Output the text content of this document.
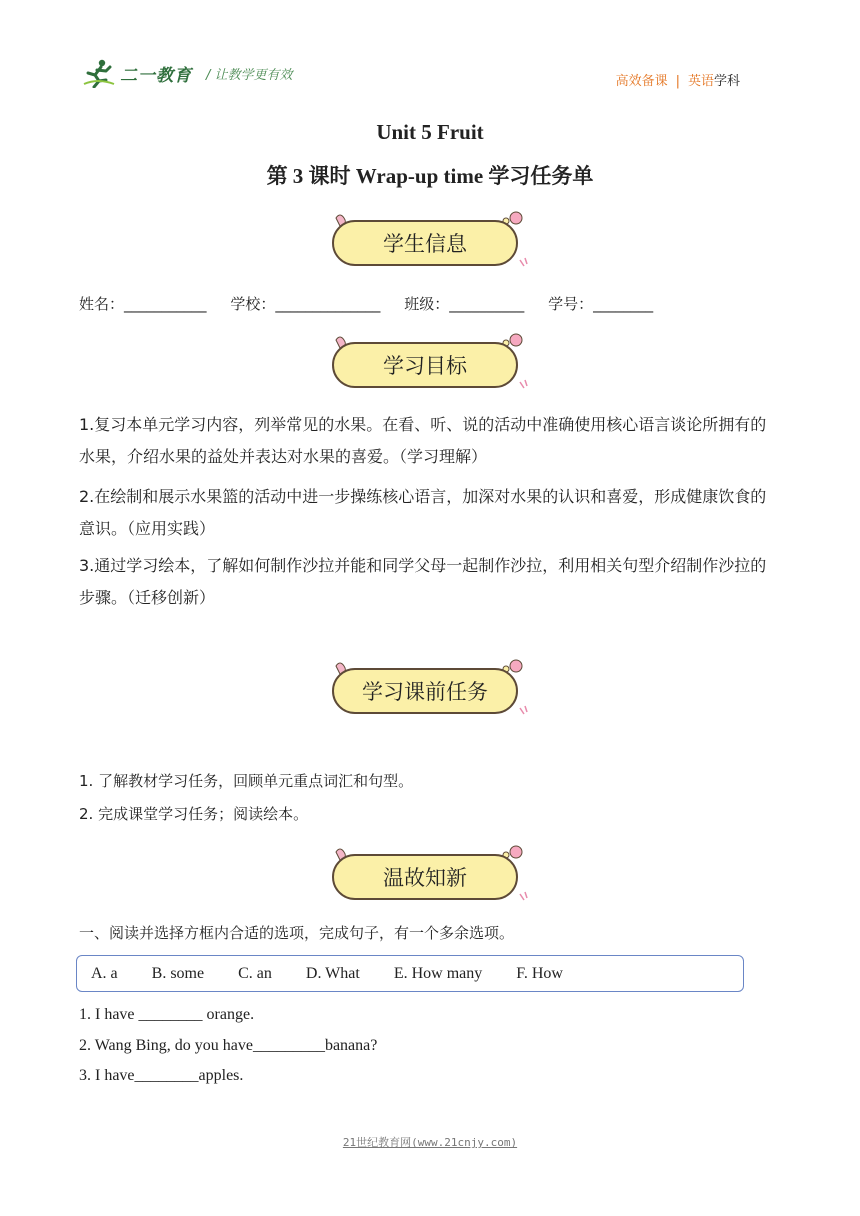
二一教育 / 让教学更有效	高效备课 | 英语学科
Unit 5 Fruit
第 3 课时 Wrap-up time 学习任务单
学生信息
姓名：___________ 学校：______________ 班级：__________ 学号：________
学习目标
1.复习本单元学习内容，列举常见的水果。在看、听、说的活动中准确使用核心语言谈论所拥有的水果，介绍水果的益处并表达对水果的喜爱。（学习理解）
2.在绘制和展示水果篮的活动中进一步操练核心语言，加深对水果的认识和喜爱，形成健康饮食的意识。（应用实践）
3.通过学习绘本，了解如何制作沙拉并能和同学父母一起制作沙拉，利用相关句型介绍制作沙拉的步骤。（迁移创新）
学习课前任务
1. 了解教材学习任务，回顾单元重点词汇和句型。
2. 完成课堂学习任务；阅读绘本。
温故知新
一、阅读并选择方框内合适的选项，完成句子，有一个多余选项。
A. a B. some C. an D. What E. How many F. How
1. I have ________ orange.
2. Wang Bing, do you have_________banana?
3. I have________apples.
21世纪教育网(www.21cnjy.com)
